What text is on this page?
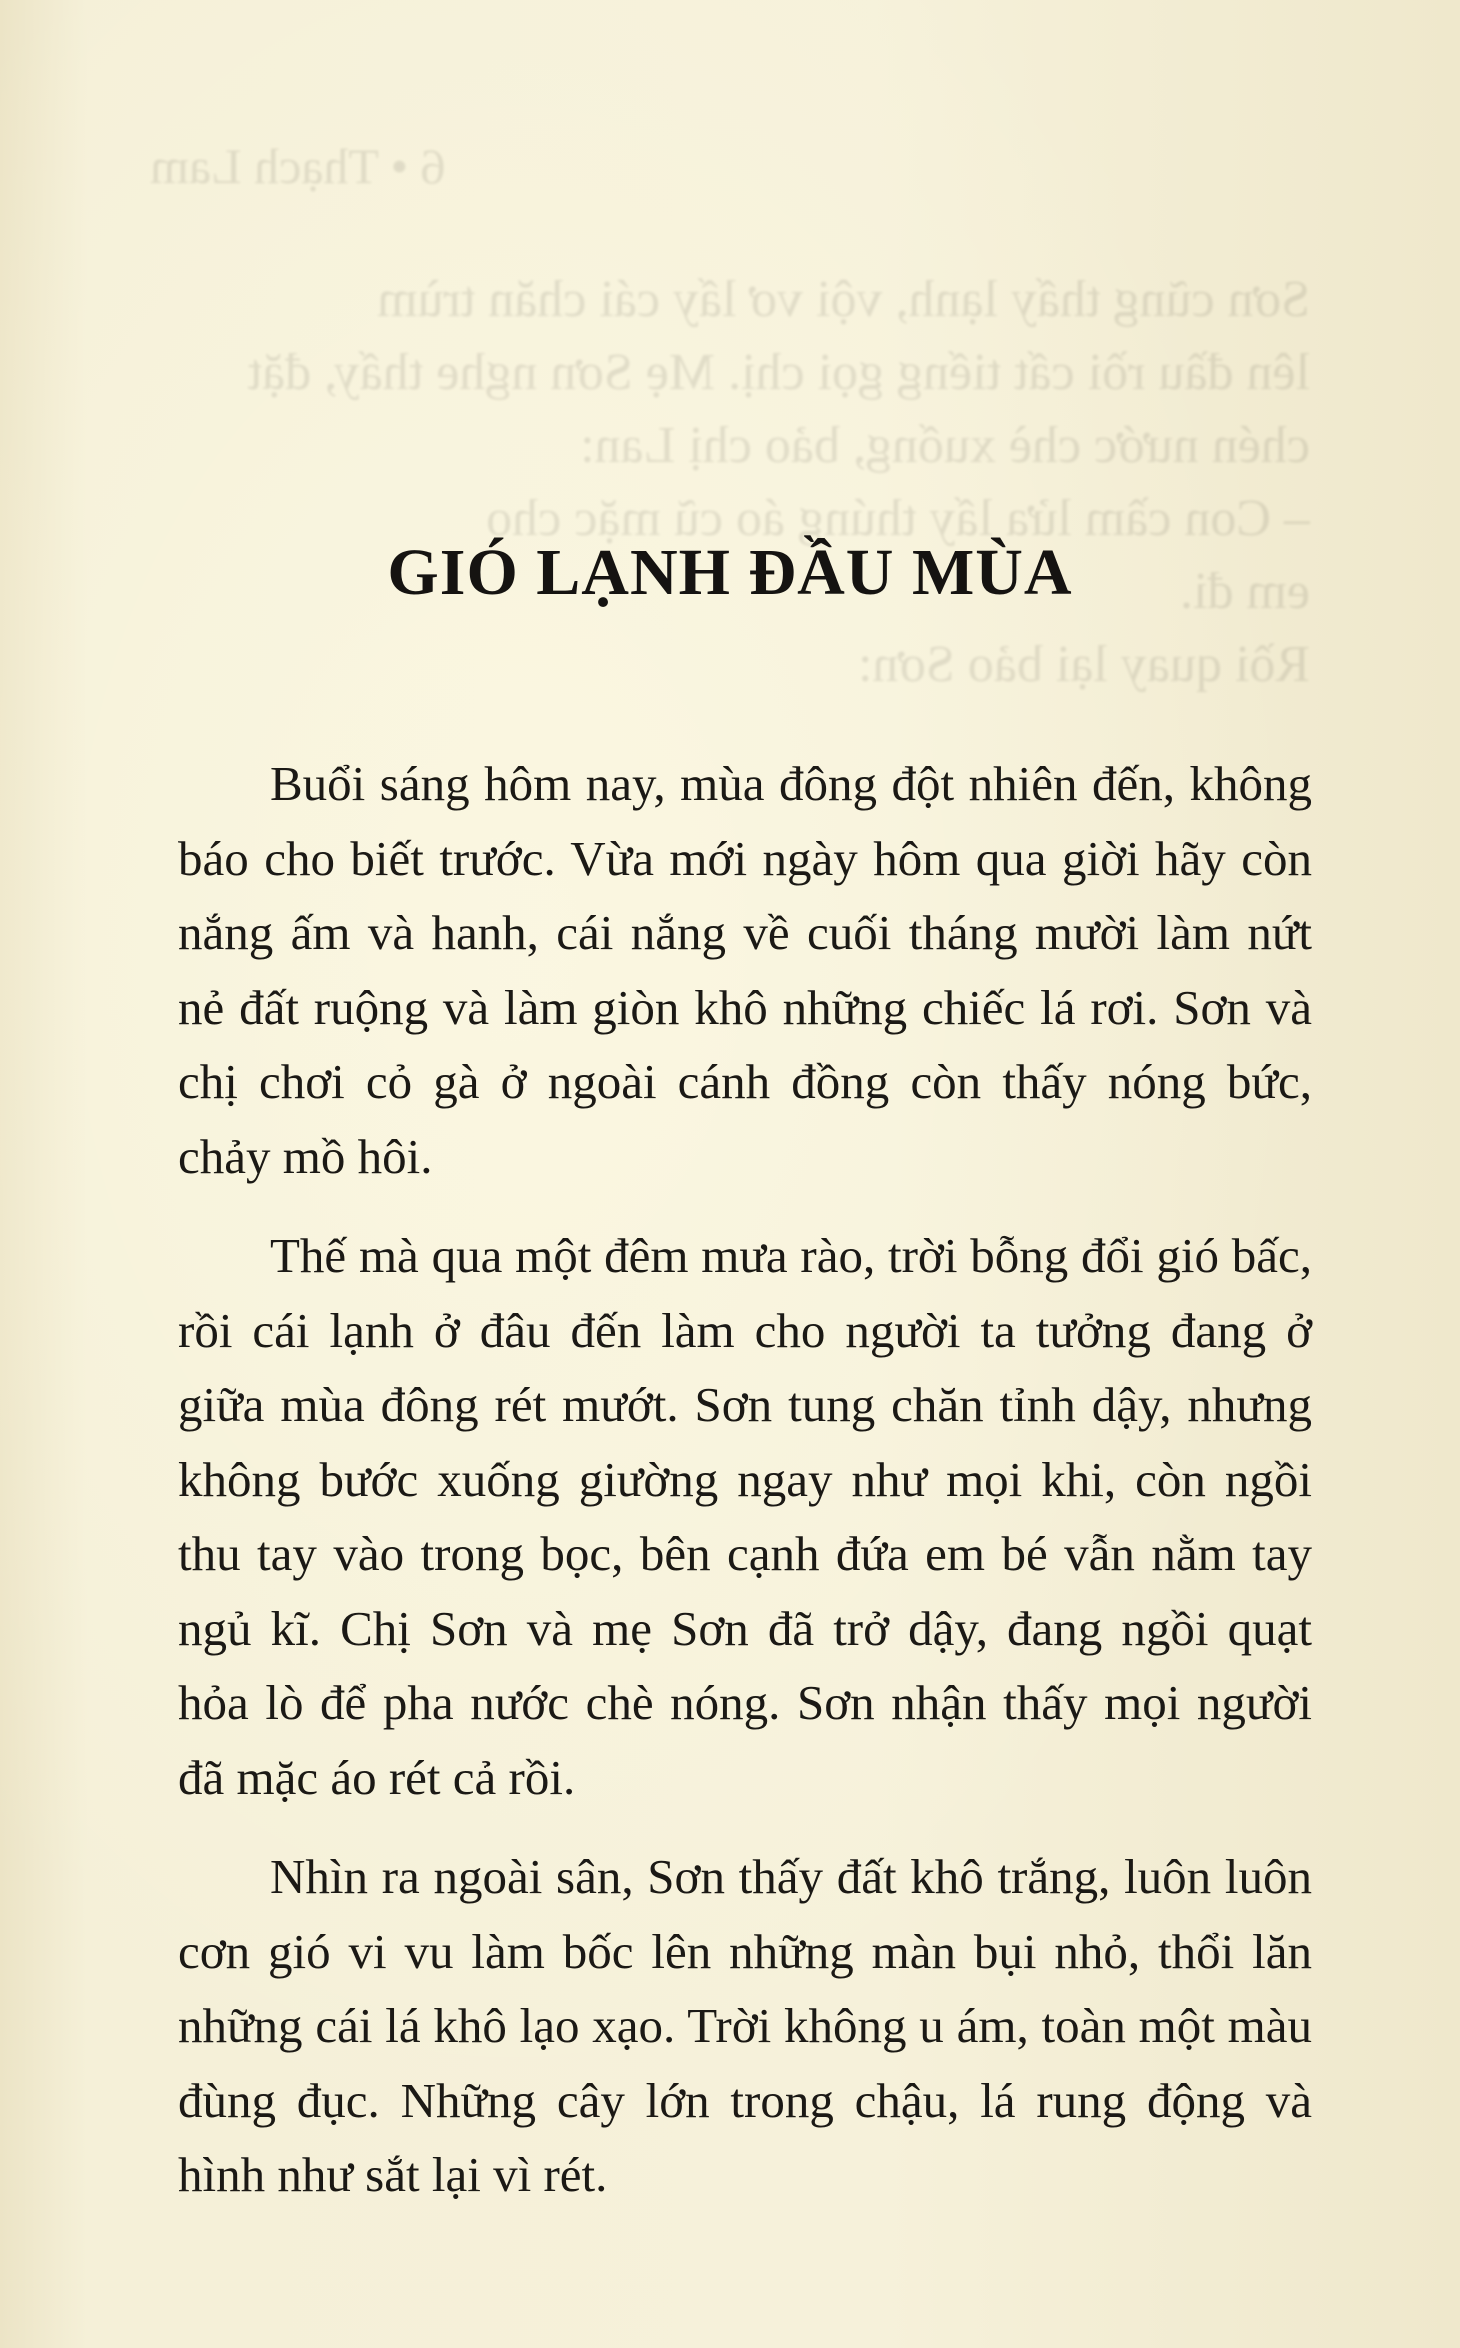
6 • Thạch Lam
Sơn cũng thấy lạnh, vội vơ lấy cái chăn trùm
lên đầu rồi cất tiếng gọi chị. Mẹ Sơn nghe thấy, đặt
chén nước chè xuống, bảo chị Lan:
– Con cầm lửa lấy thúng áo cũ mặc cho
em đi.
Rồi quay lại bảo Sơn:
GIÓ LẠNH ĐẦU MÙA

Buổi sáng hôm nay, mùa đông đột nhiên đến, không báo cho biết trước. Vừa mới ngày hôm qua giời hãy còn nắng ấm và hanh, cái nắng về cuối tháng mười làm nứt nẻ đất ruộng và làm giòn khô những chiếc lá rơi. Sơn và chị chơi cỏ gà ở ngoài cánh đồng còn thấy nóng bức, chảy mồ hôi.

Thế mà qua một đêm mưa rào, trời bỗng đổi gió bấc, rồi cái lạnh ở đâu đến làm cho người ta tưởng đang ở giữa mùa đông rét mướt. Sơn tung chăn tỉnh dậy, nhưng không bước xuống giường ngay như mọi khi, còn ngồi thu tay vào trong bọc, bên cạnh đứa em bé vẫn nằm tay ngủ kĩ. Chị Sơn và mẹ Sơn đã trở dậy, đang ngồi quạt hỏa lò để pha nước chè nóng. Sơn nhận thấy mọi người đã mặc áo rét cả rồi.

Nhìn ra ngoài sân, Sơn thấy đất khô trắng, luôn luôn cơn gió vi vu làm bốc lên những màn bụi nhỏ, thổi lăn những cái lá khô lạo xạo. Trời không u ám, toàn một màu đùng đục. Những cây lớn trong chậu, lá rung động và hình như sắt lại vì rét.
